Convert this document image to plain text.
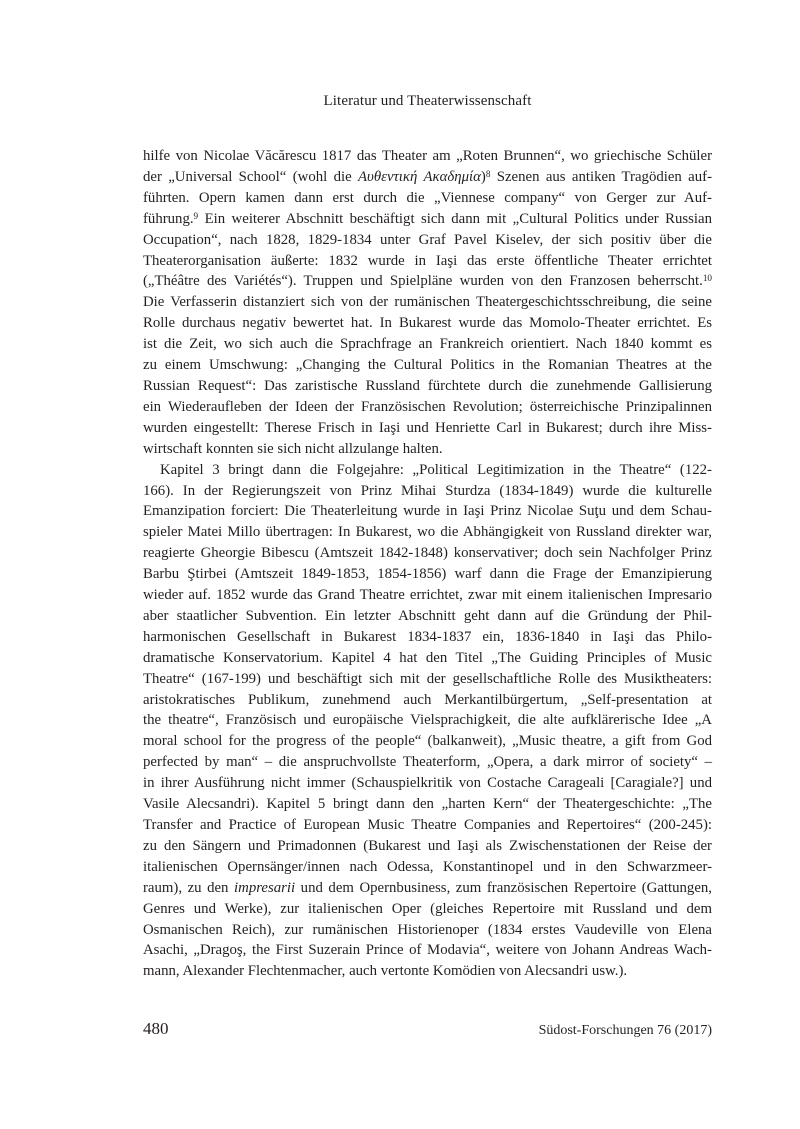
Literatur und Theaterwissenschaft
hilfe von Nicolae Văcărescu 1817 das Theater am „Roten Brunnen“, wo griechische Schüler
der „Universal School“ (wohl die Αυθεντική Ακαδημία)$^8$ Szenen aus antiken Tragödien auf-
führten. Opern kamen dann erst durch die „Viennese company“ von Gerger zur Auf-
führung.$^9$ Ein weiterer Abschnitt beschäftigt sich dann mit „Cultural Politics under Russian
Occupation“, nach 1828, 1829-1834 unter Graf Pavel Kiselev, der sich positiv über die
Theaterorganisation äußerte: 1832 wurde in Iaşi das erste öffentliche Theater errichtet
(„Théâtre des Variétés“). Truppen und Spielpläne wurden von den Franzosen beherrscht.$^{10}$
Die Verfasserin distanziert sich von der rumänischen Theatergeschichtsschreibung, die seine
Rolle durchaus negativ bewertet hat. In Bukarest wurde das Momolo-Theater errichtet. Es
ist die Zeit, wo sich auch die Sprachfrage an Frankreich orientiert. Nach 1840 kommt es
zu einem Umschwung: „Changing the Cultural Politics in the Romanian Theatres at the
Russian Request“: Das zaristische Russland fürchtete durch die zunehmende Gallisierung
ein Wiederaufleben der Ideen der Französischen Revolution; österreichische Prinzipalinnen
wurden eingestellt: Therese Frisch in Iaşi und Henriette Carl in Bukarest; durch ihre Miss-
wirtschaft konnten sie sich nicht allzulange halten.
Kapitel 3 bringt dann die Folgejahre: „Political Legitimization in the Theatre“ (122-
166). In der Regierungszeit von Prinz Mihai Sturdza (1834-1849) wurde die kulturelle
Emanzipation forciert: Die Theaterleitung wurde in Iaşi Prinz Nicolae Suţu und dem Schau-
spieler Matei Millo übertragen: In Bukarest, wo die Abhängigkeit von Russland direkter war,
reagierte Gheorgie Bibescu (Amtszeit 1842-1848) konservativer; doch sein Nachfolger Prinz
Barbu Ştirbei (Amtszeit 1849-1853, 1854-1856) warf dann die Frage der Emanzipierung
wieder auf. 1852 wurde das Grand Theatre errichtet, zwar mit einem italienischen Impresario
aber staatlicher Subvention. Ein letzter Abschnitt geht dann auf die Gründung der Phil-
harmonischen Gesellschaft in Bukarest 1834-1837 ein, 1836-1840 in Iaşi das Philo-
dramatische Konservatorium. Kapitel 4 hat den Titel „The Guiding Principles of Music
Theatre“ (167-199) und beschäftigt sich mit der gesellschaftliche Rolle des Musiktheaters:
aristokratisches Publikum, zunehmend auch Merkantilbürgertum, „Self-presentation at
the theatre“, Französisch und europäische Vielsprachigkeit, die alte aufklärerische Idee „A
moral school for the progress of the people“ (balkanweit), „Music theatre, a gift from God
perfected by man“ – die anspruchvollste Theaterform, „Opera, a dark mirror of society“ –
in ihrer Ausführung nicht immer (Schauspielkritik von Costache Carageali [Caragiale?] und
Vasile Alecsandri). Kapitel 5 bringt dann den „harten Kern“ der Theatergeschichte: „The
Transfer and Practice of European Music Theatre Companies and Repertoires“ (200-245):
zu den Sängern und Primadonnen (Bukarest und Iaşi als Zwischenstationen der Reise der
italienischen Opernsänger/innen nach Odessa, Konstantinopel und in den Schwarzmeer-
raum), zu den impresarii und dem Opernbusiness, zum französischen Repertoire (Gattungen,
Genres und Werke), zur italienischen Oper (gleiches Repertoire mit Russland und dem
Osmanischen Reich), zur rumänischen Historienoper (1834 erstes Vaudeville von Elena
Asachi, „Dragoş, the First Suzerain Prince of Modavia“, weitere von Johann Andreas Wach-
mann, Alexander Flechtenmacher, auch vertonte Komödien von Alecsandri usw.).
480	Südost-Forschungen 76 (2017)
